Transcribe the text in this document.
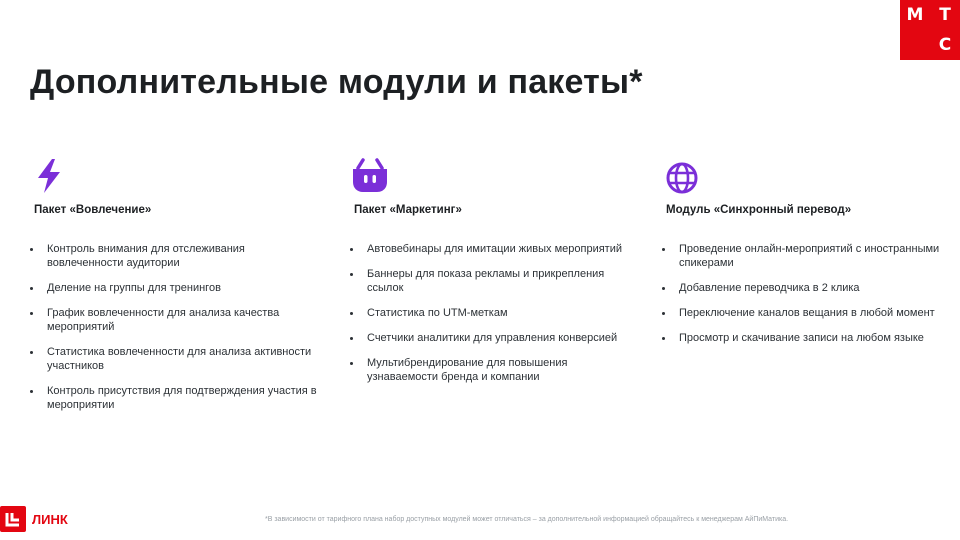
М Т
С
Дополнительные модули и пакеты*
Пакет «Вовлечение»
Контроль внимания для отслеживания вовлеченности аудитории
Деление на группы для тренингов
График вовлеченности для анализа качества мероприятий
Статистика вовлеченности для анализа активности участников
Контроль присутствия для подтверждения участия в мероприятии
Пакет «Маркетинг»
Автовебинары для имитации живых мероприятий
Баннеры для показа рекламы и прикрепления ссылок
Статистика по UTM-меткам
Счетчики аналитики для управления конверсией
Мультибрендирование для повышения узнаваемости бренда и компании
Модуль «Синхронный перевод»
Проведение онлайн-мероприятий с иностранными спикерами
Добавление переводчика в 2 клика
Переключение каналов вещания в любой момент
Просмотр и скачивание записи на любом языке
ЛИНК	*В зависимости от тарифного плана набор доступных модулей может отличаться – за дополнительной информацией обращайтесь к менеджерам АйПиМатика.
